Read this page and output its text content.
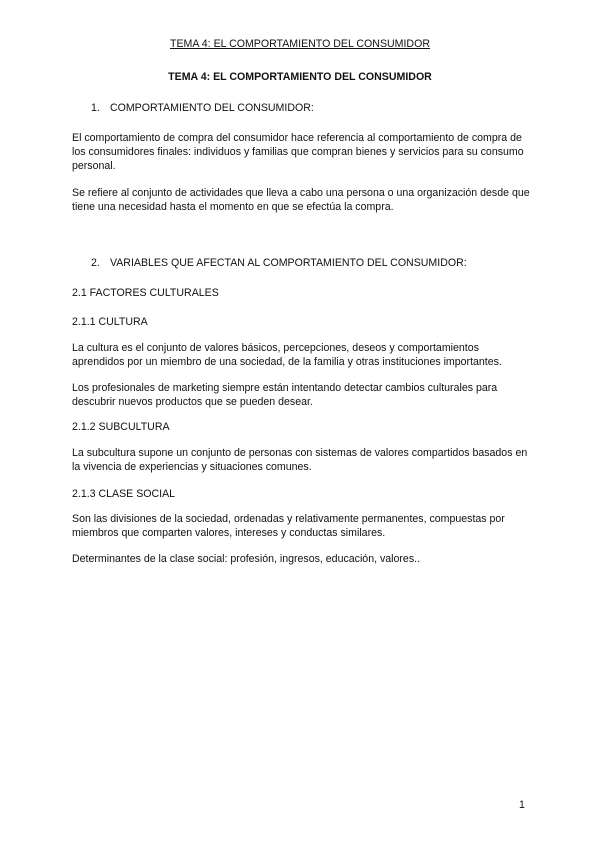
TEMA 4: EL COMPORTAMIENTO DEL CONSUMIDOR
TEMA 4: EL COMPORTAMIENTO DEL CONSUMIDOR
1. COMPORTAMIENTO DEL CONSUMIDOR:
El comportamiento de compra del consumidor hace referencia al comportamiento de compra de los consumidores finales: individuos y familias que compran bienes y servicios para su consumo personal.
Se refiere al conjunto de actividades que lleva a cabo una persona o una organización desde que tiene una necesidad hasta el momento en que se efectúa la compra.
2. VARIABLES QUE AFECTAN AL COMPORTAMIENTO DEL CONSUMIDOR:
2.1 FACTORES CULTURALES
2.1.1 CULTURA
La cultura es el conjunto de valores básicos, percepciones, deseos y comportamientos aprendidos por un miembro de una sociedad, de la familia y otras instituciones importantes.
Los profesionales de marketing siempre están intentando detectar cambios culturales para descubrir nuevos productos que se pueden desear.
2.1.2 SUBCULTURA
La subcultura supone un conjunto de personas con sistemas de valores compartidos basados en la vivencia de experiencias y situaciones comunes.
2.1.3 CLASE SOCIAL
Son las divisiones de la sociedad, ordenadas y relativamente permanentes, compuestas por miembros que comparten valores, intereses y conductas similares.
Determinantes de la clase social: profesión, ingresos, educación, valores..
1
